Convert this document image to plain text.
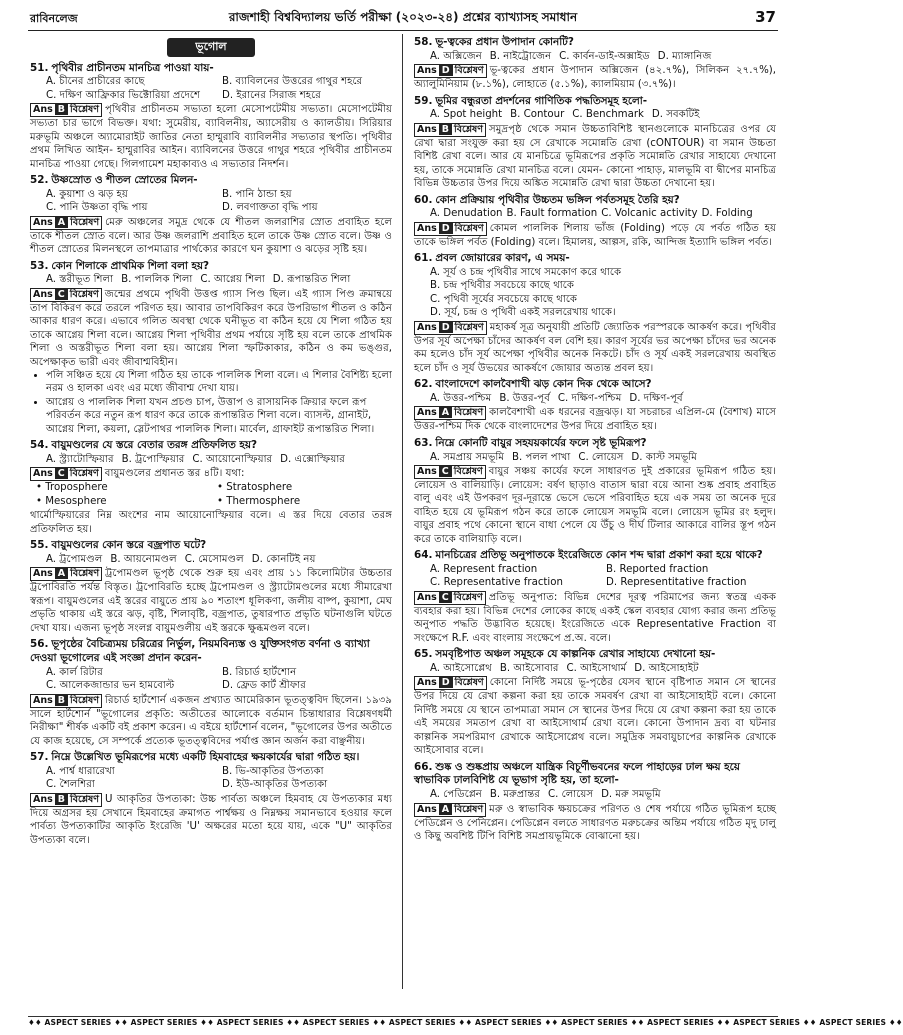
রাবিনলেজ	রাজশাহী বিশ্ববিদ্যালয় ভর্তি পরীক্ষা (২০২৩-২৪) প্রশ্নের ব্যাখ্যাসহ সমাধান	37
ভূগোল
51. পৃথিবীর প্রাচীনতম মানচিত্র পাওয়া যায়-
A. চীনের প্রাচীরের কাছে	B. ব্যাবিলনের উত্তরের গাথুর শহরে
C. দক্ষিণ আফ্রিকার ভিক্টোরিয়া প্রদেশে	D. ইরানের সিরাজ শহরে
Ans B বিশ্লেষণ পৃথিবীর প্রাচীনতম সভ্যতা হলো মেসোপটেমীয় সভ্যতা। মেসোপটেমীয় সভ্যতা চার ভাগে বিভক্ত। যথা: সুমেরীয়, ব্যাবিলনীয়, অ্যাসেরীয় ও ক্যালডীয়। সিরিয়ার মরুভূমি অঞ্চলে অ্যামোরাইট জাতির নেতা হাম্মুরাবি ব্যাবিলনীর সভ্যতার স্থপতি। পৃথিবীর প্রথম লিখিত আইন- হাম্মুরাবির আইন। ব্যাবিলনের উত্তরে গাথুর শহরে পৃথিবীর প্রাচীনতম মানচিত্র পাওয়া গেছে। গিলগামেশ মহাকাব্যও এ সভ্যতার নিদর্শন।
52. উষ্ণস্রোত ও শীতল স্রোতের মিলন-
A. কুয়াশা ও ঝড় হয়	B. পানি ঠান্ডা হয়
C. পানি উষ্ণতা বৃদ্ধি পায়	D. লবণাক্ততা বৃদ্ধি পায়
Ans A বিশ্লেষণ মেরু অঞ্চলের সমুদ্র থেকে যে শীতল জলরাশির স্রোত প্রবাহিত হলে তাকে শীতল স্রোত বলে। আর উষ্ণ জলরাশি প্রবাহিত হলে তাকে উষ্ণ স্রোত বলে। উষ্ণ ও শীতল স্রোতের মিলনস্থলে তাপমাত্রার পার্থক্যের কারণে ঘন কুয়াশা ও ঝড়ের সৃষ্টি হয়।
53. কোন শিলাকে প্রাথমিক শিলা বলা হয়?
A. স্তরীভূত শিলা B. পাললিক শিলা C. আগ্নেয় শিলা D. রূপান্তরিত শিলা
Ans C বিশ্লেষণ জন্মের প্রথমে পৃথিবী উত্তপ্ত গ্যাস পিণ্ড ছিল। এই গ্যাস পিণ্ড ক্রমান্বয়ে তাপ বিকিরণ করে তরলে পরিণত হয়। আবার তাপবিকিরণ করে উপরিভাগ শীতল ও কঠিন আকার ধারণ করে। এভাবে গলিত অবস্থা থেকে ঘনীভূত বা কঠিন হয়ে যে শিলা গঠিত হয় তাকে আগ্নেয় শিলা বলে। আগ্নেয় শিলা পৃথিবীর প্রথম পর্যায়ে সৃষ্টি হয় বলে তাকে প্রাথমিক শিলা ও অস্তরীভূত শিলা বলা হয়। আগ্নেয় শিলা স্ফটিকাকার, কঠিন ও কম ভঙ্গুর, অপেক্ষাকৃত ভারী এবং জীবাশ্মবিহীন।
• পলি সঞ্চিত হয়ে যে শিলা গঠিত হয় তাকে পাললিক শিলা বলে। এ শিলার বৈশিষ্ট্য হলো নরম ও হালকা এবং এর মধ্যে জীবাশ্ম দেখা যায়।
• আগ্নেয় ও পাললিক শিলা যখন প্রচণ্ড চাপ, উত্তাপ ও রাসায়নিক ক্রিয়ার ফলে রূপ পরিবর্তন করে নতুন রূপ ধারণ করে তাকে রূপান্তরিত শিলা বলে। ব্যাসল্ট, গ্রানাইট, আগ্নেয় শিলা, কয়লা, স্লেটপাথর পাললিক শিলা। মার্বেল, গ্রাফাইট রূপান্তরিত শিলা।
54. বায়ুমণ্ডলের যে স্তরে বেতার তরঙ্গ প্রতিফলিত হয়?
A. স্ট্র্যাটোস্ফিয়ার B. ট্রপোস্ফিয়ার C. আয়োনোস্ফিয়ার D. এক্সোস্ফিয়ার
Ans C বিশ্লেষণ বায়ুমণ্ডলের প্রধানত স্তর ৪টি। যথা:
• Troposphere	• Stratosphere
• Mesosphere	• Thermosphere
থার্মোস্ফিয়ারের নিম্ন অংশের নাম আয়োনোস্ফিয়ার বলে। এ স্তর দিয়ে বেতার তরঙ্গ প্রতিফলিত হয়।
55. বায়ুমণ্ডলের কোন স্তরে বজ্রপাত ঘটে?
A. ট্রপোমণ্ডল B. আয়নোমণ্ডল C. মেসোমণ্ডল D. কোনটিই নয়
Ans A বিশ্লেষণ ট্রপোমণ্ডল ভূপৃষ্ঠ থেকে শুরু হয় এবং প্রায় ১১ কিলোমিটার উচ্চতার ট্রপোবিরতি পর্যন্ত বিস্তৃত। ট্রপোবিরতি হচ্ছে ট্রপোমণ্ডল ও স্ট্র্যাটোমণ্ডলের মধ্যে সীমারেখা স্বরূপ। বায়ুমণ্ডলের এই স্তরের বায়ুতে প্রায় ৯০ শতাংশ ধূলিকণা, জলীয় বাষ্প, কুয়াশা, মেঘ প্রভৃতি থাকায় এই স্তরে ঝড়, বৃষ্টি, শিলাবৃষ্টি, বজ্রপাত, তুষারপাত প্রভৃতি ঘটনাগুলি ঘটতে দেখা যায়। এজন্য ভূপৃষ্ঠ সংলগ্ন বায়ুমণ্ডলীয় এই স্তরকে ক্ষুব্ধমণ্ডল বলে।
56. ভূপৃষ্ঠের বৈচিত্র্যময় চরিত্রের নির্ভুল, নিয়মবিন্যস্ত ও যুক্তিসংগত বর্ণনা ও ব্যাখ্যা দেওয়া ভূগোলের এই সংজ্ঞা প্রদান করেন-
A. কার্ল রিটার	B. রিচার্ড হার্টশোন
C. আলেকজান্ডার ভন হামবোল্ট	D. ফ্রেড কার্ট শ্রীফার
Ans B বিশ্লেষণ রিচার্ড হার্টশোর্ন একজন প্রখ্যাত আমেরিকান ভূতত্ত্ববিদ ছিলেন। ১৯৩৯ সালে হার্টশোর্ন "ভূগোলের প্রকৃতি: অতীতের আলোকে বর্তমান চিন্তাধারার বিশ্লেষণধর্মী নিরীক্ষা" শীর্ষক একটি বই প্রকাশ করেন। এ বইয়ে হার্টশোর্ন বলেন, "ভূগোলের উপর অতীতে যে কাজ হয়েছে, সে সম্পর্কে প্রত্যেক ভূতত্ত্ববিদের পর্যাপ্ত জ্ঞান অর্জন করা বাঞ্ছনীয়।
57. নিম্নে উল্লেখিত ভূমিরূপের মধ্যে একটি হিমবাহের ক্ষয়কার্যের দ্বারা গঠিত হয়।
A. পার্শ্ব ধারারেখা	B. ভি-আকৃতির উপত্যকা
C. শৈলশিরা	D. ইউ-আকৃতির উপত্যকা
Ans B বিশ্লেষণ U আকৃতির উপত্যকা: উচ্চ পার্বত্য অঞ্চলে হিমবাহ যে উপত্যকার মধ্য দিয়ে অগ্রসর হয় সেখানে হিমবাহের ক্রমাগত পার্শ্বক্ষয় ও নিম্নক্ষয় সমানভাবে হওয়ার ফলে পার্বত্য উপত্যকাটির আকৃতি ইংরেজি 'U' অক্ষরের মতো হয়ে যায়, একে "U" আকৃতির উপত্যকা বলে।
58. ভূ-ত্বকের প্রধান উপাদান কোনটি?
A. অক্সিজেন B. নাইট্রোজেন C. কার্বন-ডাই-অক্সাইড D. ম্যাঙ্গানিজ
Ans D বিশ্লেষণ ভূ-ত্বকের প্রধান উপাদান অক্সিজেন (৪২.৭%), সিলিকন ২৭.৭%), অ্যালুমিনিয়াম (৮.১%), লোহাতে (৫.১%), ক্যালমিয়াম (৩.৭%)।
59. ভূমির বন্ধুরতা প্রদর্শনের গাণিতিক পদ্ধতিসমূহ হলো-
A. Spot height B. Contour C. Benchmark D. সবকটিই
Ans B বিশ্লেষণ সমুদ্রপৃষ্ঠ থেকে সমান উচ্চতাবিশিষ্ট স্থানগুলোকে মানচিত্রের ওপর যে রেখা দ্বারা সংযুক্ত করা হয় সে রেখাকে সমোন্নতি রেখা (cONTOUR) বা সমান উচ্চতা বিশিষ্ট রেখা বলে। আর যে মানচিত্রে ভূমিরূপের প্রকৃতি সমোন্নতি রেখার সাহায্যে দেখানো হয়, তাকে সমোন্নতি রেখা মানচিত্র বলে। যেমন- কোনো পাহাড়, মালভূমি বা দ্বীপের মানচিত্র বিভিন্ন উচ্চতার উপর দিয়ে অঙ্কিত সমোন্নতি রেখা দ্বারা উচ্চতা দেখানো হয়।
60. কোন প্রক্রিয়ায় পৃথিবীর উচ্চতম ভঙ্গিল পর্বতসমূহ তৈরি হয়?
A. Denudation B. Fault formation C. Volcanic activity D. Folding
Ans D বিশ্লেষণ কোমল পাললিক শিলায় ভাঁজ (Folding) পড়ে যে পর্বত গঠিত হয় তাকে ভঙ্গিল পর্বত (Folding) বলে। হিমালয়, আল্পস, রকি, আন্দিজ ইত্যাদি ভঙ্গিল পর্বত।
61. প্রবল জোয়ারের কারণ, এ সময়-
A. সূর্য ও চন্দ্র পৃথিবীর সাথে সমকোণ করে থাকে
B. চন্দ্র পৃথিবীর সবচেয়ে কাছে থাকে
C. পৃথিবী সূর্যের সবচেয়ে কাছে থাকে
D. সূর্য, চন্দ্র ও পৃথিবী একই সরলরেখায় থাকে।
Ans D বিশ্লেষণ মহাকর্ষ সূত্র অনুযায়ী প্রতিটি জ্যোতিক পরস্পরকে আকর্ষণ করে। পৃথিবীর উপর সূর্য অপেক্ষা চাঁদের আকর্ষণ বল বেশি হয়। কারণ সূর্যের ভর অপেক্ষা চাঁদের ভর অনেক কম হলেও চাঁদ সূর্য অপেক্ষা পৃথিবীর অনেক নিকটে। চাঁদ ও সূর্য একই সরলরেখায় অবস্থিত হলে চাঁদ ও সূর্য উভয়ের আকর্ষণে জোয়ার অত্যন্ত প্রবল হয়।
62. বাংলাদেশে কালবৈশাখী ঝড় কোন দিক থেকে আসে?
A. উত্তর-পশ্চিম B. উত্তর-পূর্ব C. দক্ষিণ-পশ্চিম D. দক্ষিণ-পূর্ব
Ans A বিশ্লেষণ কালবৈশাখী এক ধরনের বজ্রঝড়। যা সচরাচর এপ্রিল-মে (বৈশাখ) মাসে উত্তর-পশ্চিম দিক থেকে বাংলাদেশের উপর দিয়ে প্রবাহিত হয়।
63. নিম্নে কোনটি বায়ুর সহযয়কার্যের ফলে সৃষ্ট ভূমিরূপ?
A. সমপ্রায় সমভূমি B. পলল পাখা C. লোয়েস D. কাস্ট সমভূমি
Ans C বিশ্লেষণ বায়ুর সঞ্চয় কার্যের ফলে সাধারণত দুই প্রকারের ভূমিরূপ গঠিত হয়। লোয়েস ও বালিয়াড়ি। লোয়েস: বর্ষণ ছাড়াও বাতাস দ্বারা বয়ে আনা শুষ্ক প্রবাহ প্রবাহিত বালু এবং এই উপকরণ দূর-দূরান্তে ভেসে ভেসে পরিবাহিত হয়ে এক সময় তা অনেক দূরে বাহিত হয়ে যে ভূমিরূপ গঠন করে তাকে লোয়েস সমভূমি বলে। লোয়েস ভূমির রং হলুদ। বায়ুর প্রবাহ পথে কোনো স্থানে বাধা পেলে যে উঁচু ও দীর্ঘ টিলার আকারে বালির স্তূপ গঠন করে তাকে বালিয়াড়ি বলে।
64. মানচিত্রের প্রতিভূ অনুপাতকে ইংরেজিতে কোন শব্দ দ্বারা প্রকাশ করা হয়ে থাকে?
A. Represent fraction	B. Reported fraction
C. Representative fraction	D. Representitative fraction
Ans C বিশ্লেষণ প্রতিভূ অনুপাত: বিভিন্ন দেশের দূরত্ব পরিমাপের জন্য স্বতন্ত্র একক ব্যবহার করা হয়। বিভিন্ন দেশের লোকের কাছে একই স্কেল ব্যবহার যোগ্য করার জন্য প্রতিভূ অনুপাত পদ্ধতি উদ্ভাবিত হয়েছে। ইংরেজিতে একে Representative Fraction বা সংক্ষেপে R.F. এবং বাংলায় সংক্ষেপে প্র.অ. বলে।
65. সমবৃষ্টিপাত অঞ্চল সমূহকে যে কাল্পনিক রেখার সাহায্যে দেখানো হয়-
A. আইসোপ্লেথ B. আইসোবার C. আইসোথার্ম D. আইসোহাইট
Ans D বিশ্লেষণ কোনো নির্দিষ্ট সময়ে ভূ-পৃষ্ঠের যেসব স্থানে বৃষ্টিপাত সমান সে স্থানের উপর দিয়ে যে রেখা কল্পনা করা হয় তাকে সমবর্ষণ রেখা বা আইসোহাইট বলে। কোনো নির্দিষ্ট সময়ে যে স্থানে তাপমাত্রা সমান সে স্থানের উপর দিয়ে যে রেখা কল্পনা করা হয় তাকে এই সময়ের সমতাপ রেখা বা আইসোথার্ম রেখা বলে। কোনো উপাদান দ্রব্য বা ঘটনার কাল্পনিক সমপরিমাণ রেখাকে আইসোপ্লেথ বলে। সমুদ্রিক সমবায়ুচাপের কাল্পনিক রেখাকে আইসোবার বলে।
66. শুষ্ক ও শুষ্কপ্রায় অঞ্চলে যান্ত্রিক বিচূর্ণীভবনের ফলে পাহাড়ের ঢাল ক্ষয় হয়ে স্বাভাবিক ঢালবিশিষ্ট যে ভূভাগ সৃষ্টি হয়, তা হলো-
A. পেডিপ্লেন B. মরুপ্রান্তর C. লোয়েস D. মরু সমভূমি
Ans A বিশ্লেষণ মরু ও স্বাভাবিক ক্ষয়চক্রের পরিণত ও শেষ পর্যায়ে গঠিত ভূমিরূপ হচ্ছে পেডিপ্লেন ও পেনিপ্লেন। পেডিপ্লেন বলতে সাধারণত মরুচক্রের অন্তিম পর্যায়ে গঠিত মৃদু ঢালু ও কিছু অবশিষ্ট টিপি বিশিষ্ট সমপ্রায়ভূমিকে বোঝানো হয়।
♦♦ ASPECT SERIES ♦♦ ASPECT SERIES ♦♦ ASPECT SERIES ♦♦ ASPECT SERIES ♦♦ ASPECT SERIES ♦♦ ASPECT SERIES ♦♦ ASPECT SERIES ♦♦ ASPECT SERIES ♦♦ ASPECT SERIES ♦♦ ASPECT SERIES ♦♦
